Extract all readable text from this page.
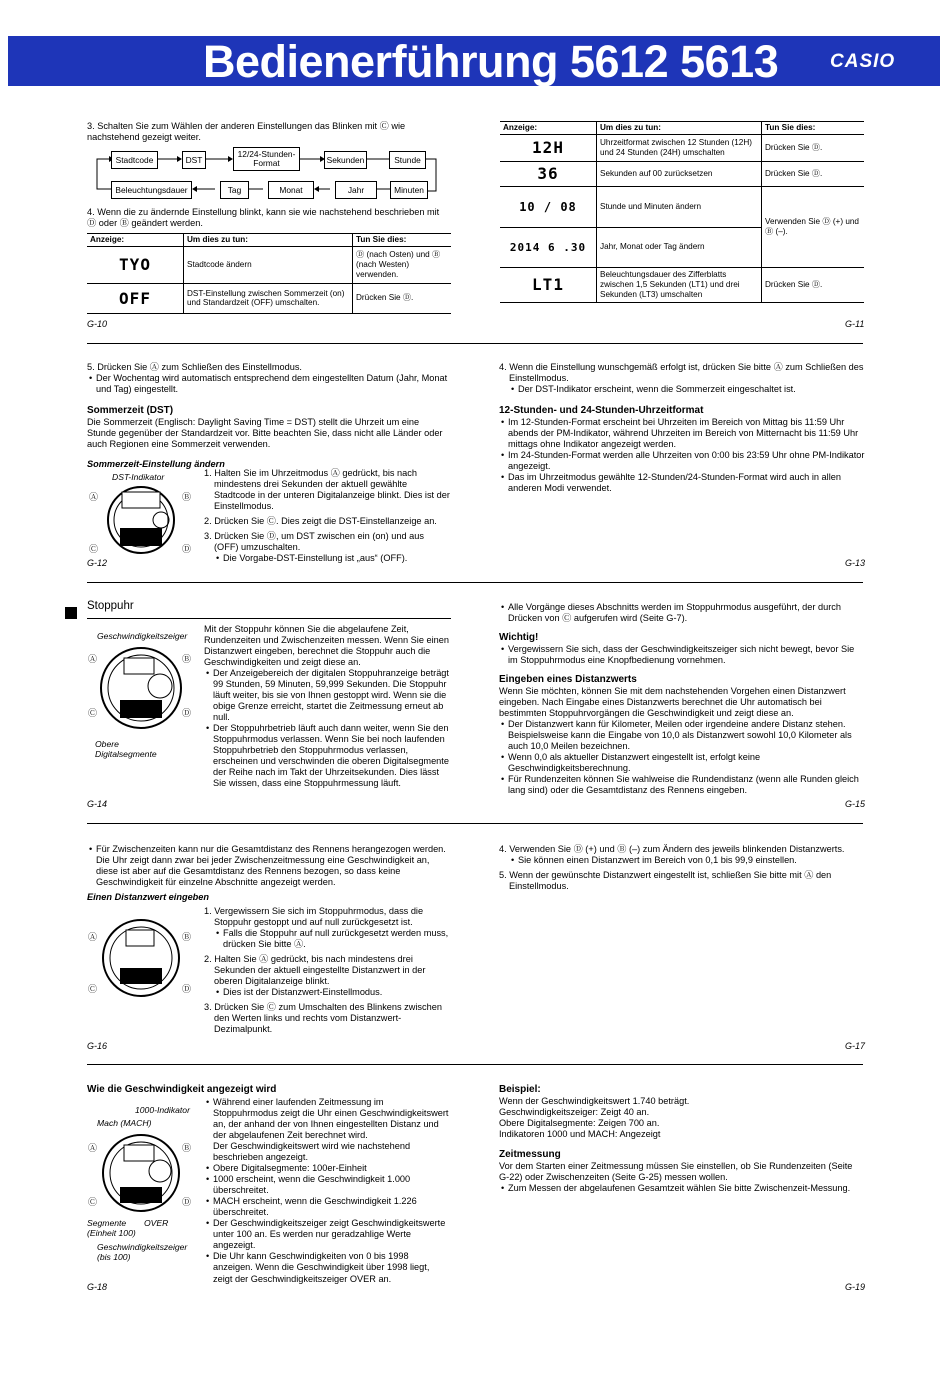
Bedienerführung 5612 5613	CASIO
3. Schalten Sie zum Wählen der anderen Einstellungen das Blinken mit Ⓒ wie nachstehend gezeigt weiter.
Stadtcode	DST
12/24-Stunden-Format	Sekunden	Stunde
Minuten
Jahr
Monat
Tag
Beleuchtungsdauer
4. Wenn die zu ändernde Einstellung blinkt, kann sie wie nachstehend beschrieben mit Ⓓ oder Ⓑ geändert werden.
Anzeige:	Um dies zu tun:	Tun Sie dies:
TYO	Stadtcode ändern	Ⓓ (nach Osten) und Ⓑ (nach Westen) verwenden.
OFF	DST-Einstellung zwischen Sommerzeit (on) und Standardzeit (OFF) umschalten.	Drücken Sie Ⓓ.
G-10
Anzeige:	Um dies zu tun:	Tun Sie dies:
12H	Uhrzeitformat zwischen 12 Stunden (12H) und 24 Stunden (24H) umschalten	Drücken Sie Ⓓ.
36	Sekunden auf 00 zurücksetzen	Drücken Sie Ⓓ.
10 / 08	Stunde und Minuten ändern	Verwenden Sie Ⓓ (+) und Ⓑ (–).
2014 6 .30	Jahr, Monat oder Tag ändern	
LT1	Beleuchtungsdauer des Zifferblatts zwischen 1,5 Sekunden (LT1) und drei Sekunden (LT3) umschalten	Drücken Sie Ⓓ.
G-11

5. Drücken Sie Ⓐ zum Schließen des Einstellmodus.

• Der Wochentag wird automatisch entsprechend dem eingestellten Datum (Jahr, Monat und Tag) eingestellt.

Sommerzeit (DST)

Die Sommerzeit (Englisch: Daylight Saving Time = DST) stellt die Uhrzeit um eine Stunde gegenüber der Standardzeit vor. Bitte beachten Sie, dass nicht alle Länder oder auch Regionen eine Sommerzeit verwenden.

Sommerzeit-Einstellung ändern

DST-Indikator
Ⓐ	Ⓑ
Ⓒ	Ⓓ

1. Halten Sie im Uhrzeitmodus Ⓐ gedrückt, bis nach mindestens drei Sekunden der aktuell gewählte Stadtcode in der unteren Digitalanzeige blinkt. Dies ist der Einstellmodus.

2. Drücken Sie Ⓒ. Dies zeigt die DST-Einstellanzeige an.

3. Drücken Sie Ⓓ, um DST zwischen ein (on) und aus (OFF) umzuschalten.

• Die Vorgabe-DST-Einstellung ist „aus“ (OFF).

G-12

4. Wenn die Einstellung wunschgemäß erfolgt ist, drücken Sie bitte Ⓐ zum Schließen des Einstellmodus.

• Der DST-Indikator erscheint, wenn die Sommerzeit eingeschaltet ist.

12-Stunden- und 24-Stunden-Uhrzeitformat

• Im 12-Stunden-Format erscheint bei Uhrzeiten im Bereich von Mittag bis 11:59 Uhr abends der PM-Indikator, während Uhrzeiten im Bereich von Mitternacht bis 11:59 Uhr mittags ohne Indikator angezeigt werden.

• Im 24-Stunden-Format werden alle Uhrzeiten von 0:00 bis 23:59 Uhr ohne PM-Indikator angezeigt.

• Das im Uhrzeitmodus gewählte 12-Stunden/24-Stunden-Format wird auch in allen anderen Modi verwendet.

G-13
Stoppuhr
Geschwindigkeitszeiger
Ⓐ	Ⓑ
Ⓒ	Ⓓ
Obere Digitalsegmente

Mit der Stoppuhr können Sie die abgelaufene Zeit, Rundenzeiten und Zwischenzeiten messen. Wenn Sie einen Distanzwert eingeben, berechnet die Stoppuhr auch die Geschwindigkeiten und zeigt diese an.

• Der Anzeigebereich der digitalen Stoppuhranzeige beträgt 99 Stunden, 59 Minuten, 59,999 Sekunden. Die Stoppuhr läuft weiter, bis sie von Ihnen gestoppt wird. Wenn sie die obige Grenze erreicht, startet die Zeitmessung erneut ab null.

• Der Stoppuhrbetrieb läuft auch dann weiter, wenn Sie den Stoppuhrmodus verlassen. Wenn Sie bei noch laufenden Stoppuhrbetrieb den Stoppuhrmodus verlassen, erscheinen und verschwinden die oberen Digitalsegmente der Reihe nach im Takt der Uhrzeitsekunden. Dies lässt Sie wissen, dass eine Stoppuhrmessung läuft.

G-14

• Alle Vorgänge dieses Abschnitts werden im Stoppuhrmodus ausgeführt, der durch Drücken von Ⓒ aufgerufen wird (Seite G-7).

Wichtig!

• Vergewissern Sie sich, dass der Geschwindigkeitszeiger sich nicht bewegt, bevor Sie im Stoppuhrmodus eine Knopfbedienung vornehmen.

Eingeben eines Distanzwerts

Wenn Sie möchten, können Sie mit dem nachstehenden Vorgehen einen Distanzwert eingeben. Nach Eingabe eines Distanzwerts berechnet die Uhr automatisch bei bestimmten Stoppuhrvorgängen die Geschwindigkeit und zeigt diese an.

• Der Distanzwert kann für Kilometer, Meilen oder irgendeine andere Distanz stehen. Beispielsweise kann die Eingabe von 10,0 als Distanzwert sowohl 10,0 Kilometer als auch 10,0 Meilen bezeichnen.

• Wenn 0,0 als aktueller Distanzwert eingestellt ist, erfolgt keine Geschwindigkeitsberechnung.

• Für Rundenzeiten können Sie wahlweise die Rundendistanz (wenn alle Runden gleich lang sind) oder die Gesamtdistanz des Rennens eingeben.

G-15

• Für Zwischenzeiten kann nur die Gesamtdistanz des Rennens herangezogen werden. Die Uhr zeigt dann zwar bei jeder Zwischenzeitmessung eine Geschwindigkeit an, diese ist aber auf die Gesamtdistanz des Rennens bezogen, so dass keine Geschwindigkeit für einzelne Abschnitte angezeigt werden.

Einen Distanzwert eingeben

Ⓐ	Ⓑ
Ⓒ	Ⓓ

1. Vergewissern Sie sich im Stoppuhrmodus, dass die Stoppuhr gestoppt und auf null zurückgesetzt ist.

• Falls die Stoppuhr auf null zurückgesetzt werden muss, drücken Sie bitte Ⓐ.

2. Halten Sie Ⓐ gedrückt, bis nach mindestens drei Sekunden der aktuell eingestellte Distanzwert in der oberen Digitalanzeige blinkt.

• Dies ist der Distanzwert-Einstellmodus.

3. Drücken Sie Ⓒ zum Umschalten des Blinkens zwischen den Werten links und rechts vom Distanzwert-Dezimalpunkt.

G-16

4. Verwenden Sie Ⓓ (+) und Ⓑ (–) zum Ändern des jeweils blinkenden Distanzwerts.

• Sie können einen Distanzwert im Bereich von 0,1 bis 99,9 einstellen.

5. Wenn der gewünschte Distanzwert eingestellt ist, schließen Sie bitte mit Ⓐ den Einstellmodus.

G-17
Wie die Geschwindigkeit angezeigt wird
1000-Indikator
Mach (MACH)
Ⓐ	Ⓑ
Ⓒ	Ⓓ
Segmente (Einheit 100)
OVER
Geschwindigkeitszeiger (bis 100)

• Während einer laufenden Zeitmessung im Stoppuhrmodus zeigt die Uhr einen Geschwindigkeitswert an, der anhand der von Ihnen eingestellten Distanz und der abgelaufenen Zeit berechnet wird.

Der Geschwindigkeitswert wird wie nachstehend beschrieben angezeigt.

• Obere Digitalsegmente: 100er-Einheit

• 1000 erscheint, wenn die Geschwindigkeit 1.000 überschreitet.

• MACH erscheint, wenn die Geschwindigkeit 1.226 überschreitet.

• Der Geschwindigkeitszeiger zeigt Geschwindigkeitswerte unter 100 an. Es werden nur geradzahlige Werte angezeigt.

• Die Uhr kann Geschwindigkeiten von 0 bis 1998 anzeigen. Wenn die Geschwindigkeit über 1998 liegt, zeigt der Geschwindigkeitszeiger OVER an.

G-18

Beispiel:

Wenn der Geschwindigkeitswert 1.740 beträgt.

Geschwindigkeitszeiger: Zeigt 40 an.

Obere Digitalsegmente: Zeigen 700 an.

Indikatoren 1000 und MACH: Angezeigt

Zeitmessung

Vor dem Starten einer Zeitmessung müssen Sie einstellen, ob Sie Rundenzeiten (Seite G-22) oder Zwischenzeiten (Seite G-25) messen wollen.

• Zum Messen der abgelaufenen Gesamtzeit wählen Sie bitte Zwischenzeit-Messung.

G-19
